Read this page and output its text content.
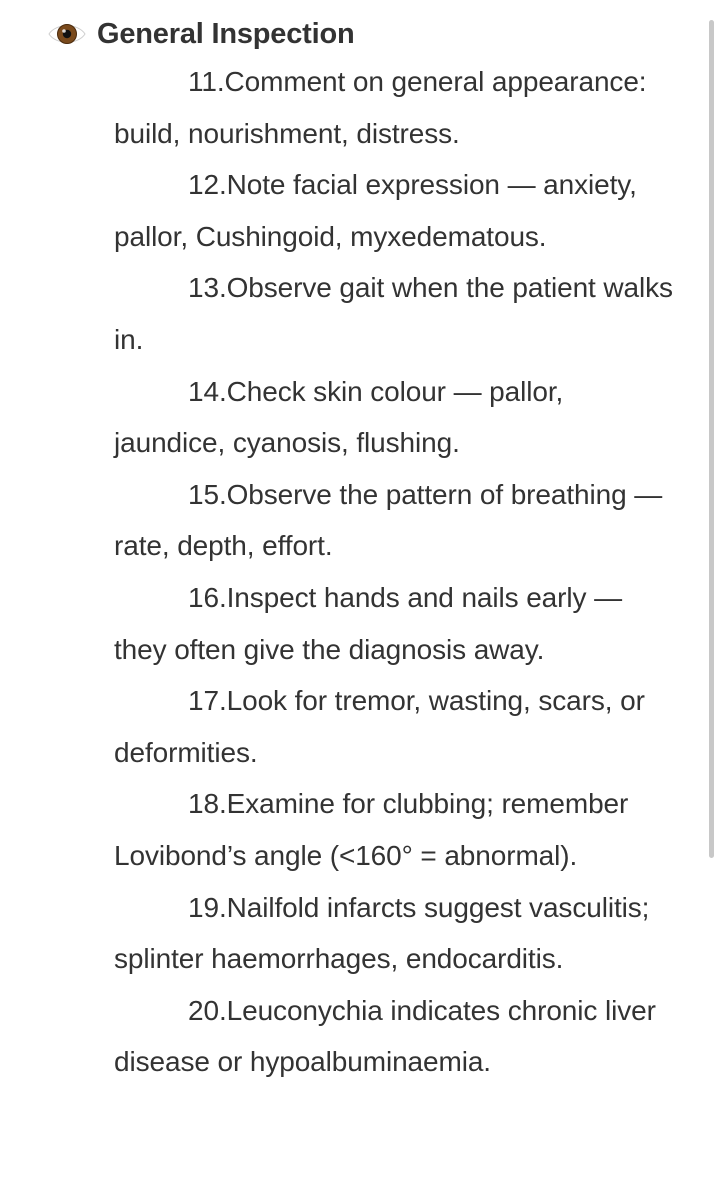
General Inspection
11.Comment on general appearance: build, nourishment, distress.
12.Note facial expression — anxiety, pallor, Cushingoid, myxedematous.
13.Observe gait when the patient walks in.
14.Check skin colour — pallor, jaundice, cyanosis, flushing.
15.Observe the pattern of breathing — rate, depth, effort.
16.Inspect hands and nails early — they often give the diagnosis away.
17.Look for tremor, wasting, scars, or deformities.
18.Examine for clubbing; remember Lovibond’s angle (<160° = abnormal).
19.Nailfold infarcts suggest vasculitis; splinter haemorrhages, endocarditis.
20.Leuconychia indicates chronic liver disease or hypoalbuminaemia.
